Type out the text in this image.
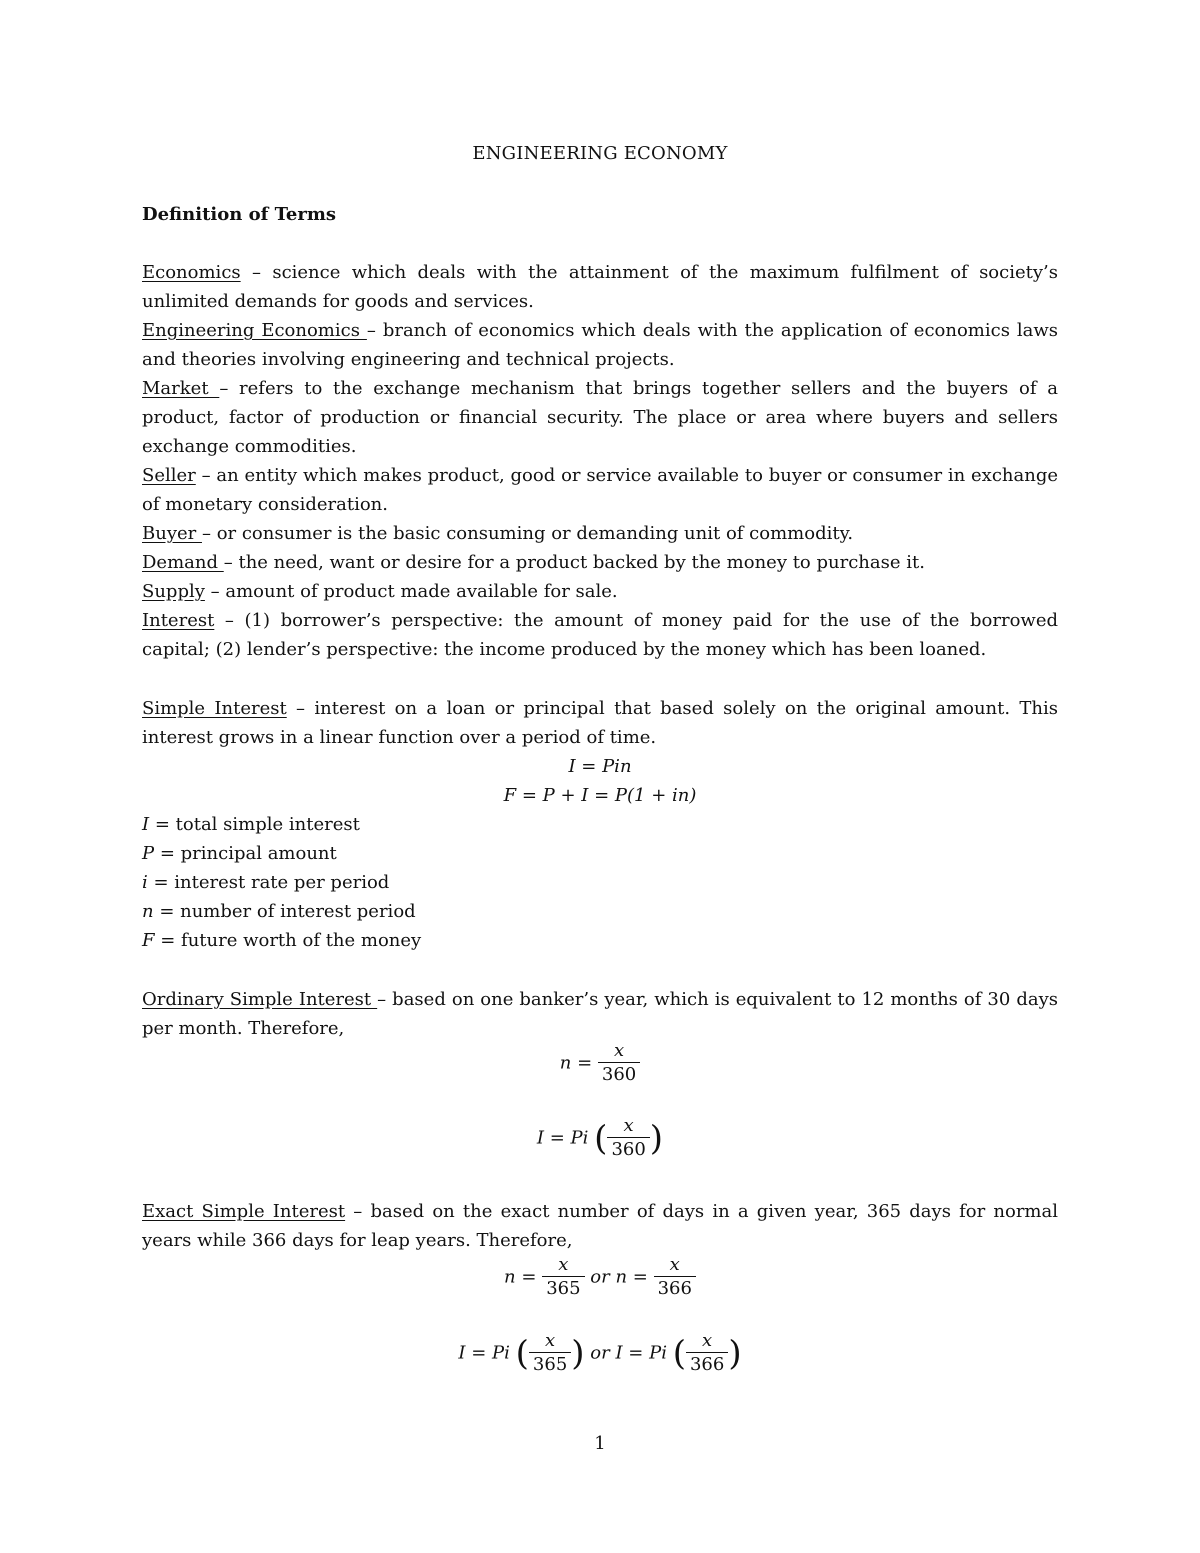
ENGINEERING ECONOMY
Definition of Terms
Economics – science which deals with the attainment of the maximum fulfilment of society’s unlimited demands for goods and services.
Engineering Economics – branch of economics which deals with the application of economics laws and theories involving engineering and technical projects.
Market – refers to the exchange mechanism that brings together sellers and the buyers of a product, factor of production or financial security. The place or area where buyers and sellers exchange commodities.
Seller – an entity which makes product, good or service available to buyer or consumer in exchange of monetary consideration.
Buyer – or consumer is the basic consuming or demanding unit of commodity.
Demand – the need, want or desire for a product backed by the money to purchase it.
Supply – amount of product made available for sale.
Interest – (1) borrower’s perspective: the amount of money paid for the use of the borrowed capital; (2) lender’s perspective: the income produced by the money which has been loaned.
Simple Interest – interest on a loan or principal that based solely on the original amount. This interest grows in a linear function over a period of time.
I = Pin
F = P + I = P(1 + in)
I = total simple interest
P = principal amount
i = interest rate per period
n = number of interest period
F = future worth of the money
Ordinary Simple Interest – based on one banker’s year, which is equivalent to 12 months of 30 days per month. Therefore,
$n = \frac{x}{360}$
I = Pi ( $\frac{x}{360}$ )
Exact Simple Interest – based on the exact number of days in a given year, 365 days for normal years while 366 days for leap years. Therefore,
$n = \frac{x}{365}$ or $n = \frac{x}{366}$
I = Pi ( $\frac{x}{365}$ ) or I = Pi ( $\frac{x}{366}$ )
1
